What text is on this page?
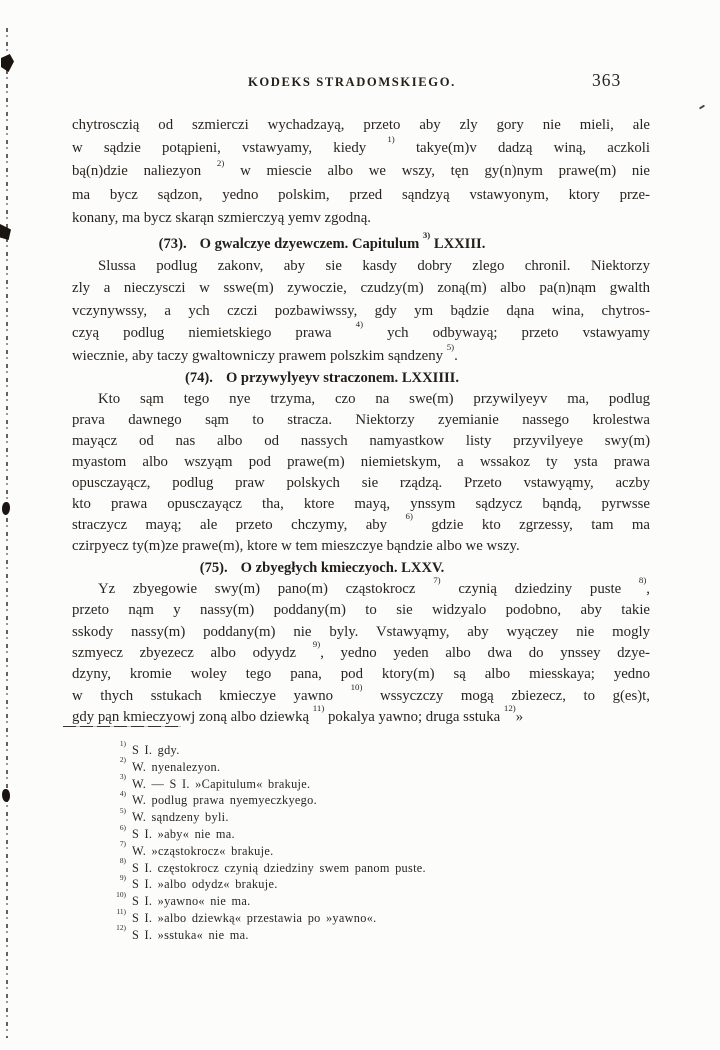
KODEKS STRADOMSKIEGO.	363
chytrosczią od szmierczi wychadzayą, przeto aby zly gory nie mieli, ale
w sądzie potąpieni, vstawyamy, kiedy $^{1)}$ takye(m)v dadzą winą, aczkoli
bą(n)dzie naliezyon $^{2)}$ w miescie albo we wszy, tęn gy(n)nym prawe(m) nie
ma bycz sądzon, yedno polskim, przed sąndzyą vstawyonym, ktory prze-
konany, ma bycz skarąn szmierczyą yemv zgodną.
(73). O gwalczye dzyewczem. Capitulum $^{3)}$ LXXIII.
Slussa podlug zakonv, aby sie kasdy dobry zlego chronil. Niektorzy
zly a nieczysczi w sswe(m) zywoczie, czudzy(m) zoną(m) albo pa(n)nąm gwalth
vczynywssy, a ych czczi pozbawiwssy, gdy ym bądzie dąna wina, chytros-
czyą podlug niemietskiego prawa $^{4)}$ ych odbywayą; przeto vstawyamy
wiecznie, aby taczy gwaltowniczy prawem polszkim sąndzeny $^{5)}$.
(74). O przywylyeyv straczonem. LXXIIII.
Kto sąm tego nye trzyma, czo na swe(m) przywilyeyv ma, podlug
prava dawnego sąm to stracza. Niektorzy zyemianie nassego krolestwa
mayącz od nas albo od nassych namyastkow listy przyvilyeye swy(m)
myastom albo wszyąm pod prawe(m) niemietskym, a wssakoz ty ysta prawa
opusczayącz, podlug praw polskych sie rządzą. Przeto vstawyąmy, aczby
kto prawa opusczayącz tha, ktore mayą, ynssym sądzycz bąndą, pyrwsse
straczycz mayą; ale przeto chczymy, aby $^{6)}$ gdzie kto zgrzessy, tam ma
czirpyecz ty(m)ze prawe(m), ktore w tem mieszczye bąndzie albo we wszy.
(75). O zbyegłych kmieczyoch. LXXV.
Yz zbyegowie swy(m) pano(m) cząstokrocz $^{7)}$ czynią dziedziny puste $^{8)}$,
przeto nąm y nassy(m) poddany(m) to sie widzyalo podobno, aby takie
sskody nassy(m) poddany(m) nie byly. Vstawyąmy, aby wyączey nie mogly
szmyecz zbyezecz albo odyydz $^{9)}$, yedno yeden albo dwa do ynssey dzye-
dzyny, kromie woley tego pana, pod ktory(m) są albo miesskaya; yedno
w thych sstukach kmieczye yawno $^{10)}$ wssyczczy mogą zbiezecz, to g(es)t,
gdy pąn kmieczyowj zoną albo dziewką $^{11)}$ pokalya yawno; druga sstuka $^{12)}$»
$^{1)}$ S I. gdy.
$^{2)}$ W. nyenalezyon.
$^{3)}$ W. — S I. »Capitulum« brakuje.
$^{4)}$ W. podlug prawa nyemyeczkyego.
$^{5)}$ W. sąndzeny byli.
$^{6)}$ S I. »aby« nie ma.
$^{7)}$ W. »cząstokrocz« brakuje.
$^{8)}$ S I. częstokrocz czynią dziedziny swem panom puste.
$^{9)}$ S I. »albo odydz« brakuje.
$^{10)}$ S I. »yawno« nie ma.
$^{11)}$ S I. »albo dziewką« przestawia po »yawno«.
$^{12)}$ S I. »sstuka« nie ma.
